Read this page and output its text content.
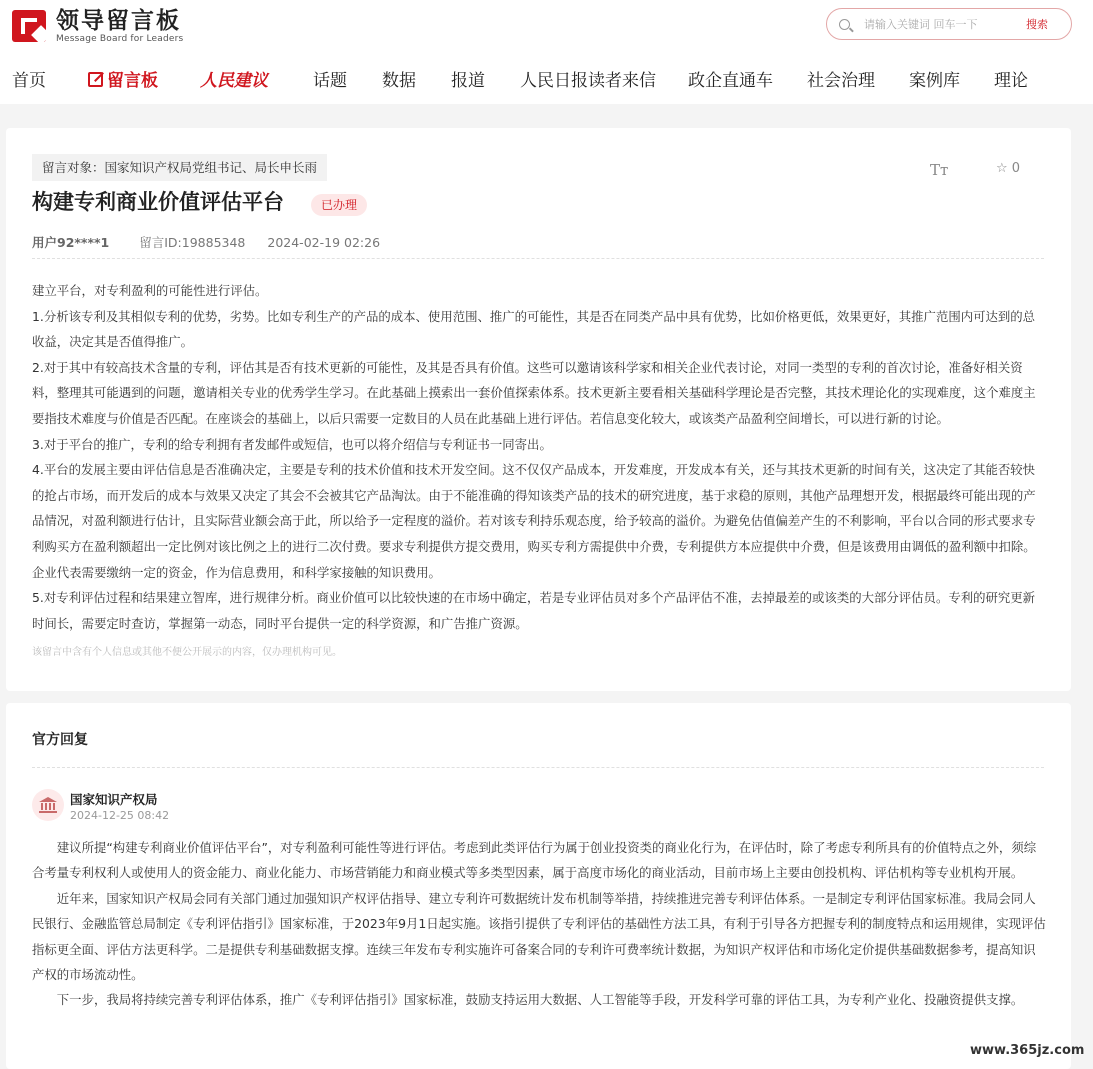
领导留言板
Message Board for Leaders
请输入关键词 回车一下
搜索
首页	留言板 人民建议	话题 数据 报道 人民日报读者来信 政企直通车 社会治理 案例库 理论
留言对象：国家知识产权局党组书记、局长申长雨	Tт	☆ 0
构建专利商业价值评估平台	已办理
用户92****1 留言ID:19885348 2024-02-19 02:26

建立平台，对专利盈利的可能性进行评估。

1.分析该专利及其相似专利的优势，劣势。比如专利生产的产品的成本、使用范围、推广的可能性，其是否在同类产品中具有优势，比如价格更低，效果更好，其推广范围内可达到的总收益，决定其是否值得推广。

2.对于其中有较高技术含量的专利，评估其是否有技术更新的可能性，及其是否具有价值。这些可以邀请该科学家和相关企业代表讨论，对同一类型的专利的首次讨论，准备好相关资料，整理其可能遇到的问题，邀请相关专业的优秀学生学习。在此基础上摸索出一套价值探索体系。技术更新主要看相关基础科学理论是否完整，其技术理论化的实现难度，这个难度主要指技术难度与价值是否匹配。在座谈会的基础上，以后只需要一定数目的人员在此基础上进行评估。若信息变化较大，或该类产品盈利空间增长，可以进行新的讨论。

3.对于平台的推广，专利的给专利拥有者发邮件或短信，也可以将介绍信与专利证书一同寄出。

4.平台的发展主要由评估信息是否准确决定，主要是专利的技术价值和技术开发空间。这不仅仅产品成本，开发难度，开发成本有关，还与其技术更新的时间有关，这决定了其能否较快的抢占市场，而开发后的成本与效果又决定了其会不会被其它产品淘汰。由于不能准确的得知该类产品的技术的研究进度，基于求稳的原则，其他产品理想开发，根据最终可能出现的产品情况，对盈利额进行估计，且实际营业额会高于此，所以给予一定程度的溢价。若对该专利持乐观态度，给予较高的溢价。为避免估值偏差产生的不利影响，平台以合同的形式要求专利购买方在盈利额超出一定比例对该比例之上的进行二次付费。要求专利提供方提交费用，购买专利方需提供中介费，专利提供方本应提供中介费，但是该费用由调低的盈利额中扣除。企业代表需要缴纳一定的资金，作为信息费用，和科学家接触的知识费用。

5.对专利评估过程和结果建立智库，进行规律分析。商业价值可以比较快速的在市场中确定，若是专业评估员对多个产品评估不准，去掉最差的或该类的大部分评估员。专利的研究更新时间长，需要定时查访，掌握第一动态，同时平台提供一定的科学资源，和广告推广资源。

该留言中含有个人信息或其他不便公开展示的内容，仅办理机构可见。
官方回复
国家知识产权局
2024-12-25 08:42

建议所提“构建专利商业价值评估平台”，对专利盈利可能性等进行评估。考虑到此类评估行为属于创业投资类的商业化行为，在评估时，除了考虑专利所具有的价值特点之外，须综合考量专利权利人或使用人的资金能力、商业化能力、市场营销能力和商业模式等多类型因素，属于高度市场化的商业活动，目前市场上主要由创投机构、评估机构等专业机构开展。

近年来，国家知识产权局会同有关部门通过加强知识产权评估指导、建立专利许可数据统计发布机制等举措，持续推进完善专利评估体系。一是制定专利评估国家标准。我局会同人民银行、金融监管总局制定《专利评估指引》国家标准，于2023年9月1日起实施。该指引提供了专利评估的基础性方法工具，有利于引导各方把握专利的制度特点和运用规律，实现评估指标更全面、评估方法更科学。二是提供专利基础数据支撑。连续三年发布专利实施许可备案合同的专利许可费率统计数据，为知识产权评估和市场化定价提供基础数据参考，提高知识产权的市场流动性。

下一步，我局将持续完善专利评估体系，推广《专利评估指引》国家标准，鼓励支持运用大数据、人工智能等手段，开发科学可靠的评估工具，为专利产业化、投融资提供支撑。

www.365jz.com
